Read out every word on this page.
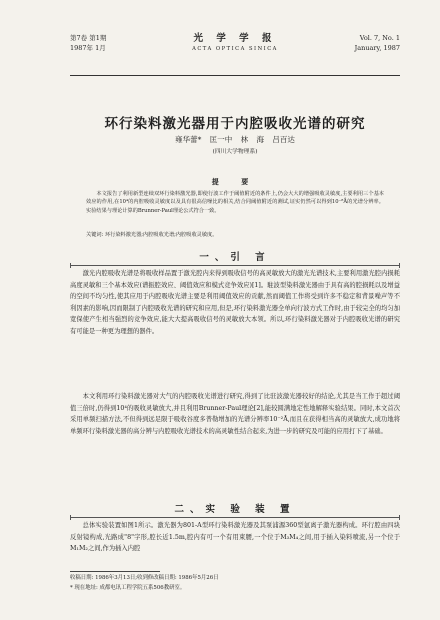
第7卷 第1期
1987年 1月
光 学 学 报
ACTA OPTICA SINICA
Vol. 7, No. 1
January, 1987
环行染料激光器用于内腔吸收光谱的研究
雍华蕾* 匡一中 林 海 吕百达
(四川大学物理系)
提 要

本文报告了利用新型连续双环行染料激光器,即使行波工作于阈值附近的条件上,仍会大大的增强吸收灵敏度,主要利用三个基本效应的作用,在10⁴的内腔吸收灵敏度以及具有很高信噪比的相关,结合同阈值附近的测试,证实仍然可以得到10⁻⁸Å的光谱分辨率。实验结果与理论计算的Brunner-Paul理论公式符合一致。

关键词: 环行染料激光器;内腔吸收光谱;内腔吸收灵敏度。

一、引 言

激光内腔吸收光谱是将吸收样品置于激光腔内来得到吸收信号的高灵敏放大的激光光谱技术,主要利用激光腔内损耗高度灵敏和三个基本效应(谱振腔效应、阈值效应和模式竞争效应)[1]。駐波型染料激光器由于具有高的腔损耗以及增益的空间不均匀性,使其应用于内腔吸收光谱主要是利用阈值效应的贡献,然而阈值工作将受到许多不稳定和背景噪声等不利因素的影响,因而限制了内腔吸收光谱的研究和应用,但是,环行染料激光器全单向行波方式工作时,由于较完全的均匀加宽保使产生相当强烈的竞争效应,能大大提高吸收信号的灵敏放大本领。所以,环行染料激光器对于内腔吸收光谱的研究有可能是一种更为理想的器件。

本文利用环行染料激光器对大气的内腔吸收光谱进行研究,得到了比驻波激光器较好的结论,尤其是当工作于超过阈值三倍时,仍得到10⁴的吸收灵敏放大,并且利用Brunner-Paul理论[2],能较圆满地定性地解释实验结果。同时,本文首次采用单频扫描方法,不但得到远足限于吸收谷度多普勒增加的光谱分辨率10⁻²Å,而且在获得相当高的灵敏放大,成功地将单频环行染料激光器的高分辨与内腔吸收光谱技术的高灵敏性结合起来,为进一步的研究及可能的应用打下了基础。

二、实 验 装 置

总体实验装置如图1所示。激光器为801-A型环行染料激光器及其泵浦源360型氩离子激光器构成。环行腔由四块反射镜构成,光路成"8"字形,腔长近1.5m,腔内有可一个有用束腰,一个位于M₃M₄之间,用于插入染料喷流,另一个位于M₁M₂之间,作为插入内腔

收稿日期: 1986年3月13日;收到修改稿日期: 1986年5月26日

* 现在地址: 成都电讯工程学院五系506教研室。
